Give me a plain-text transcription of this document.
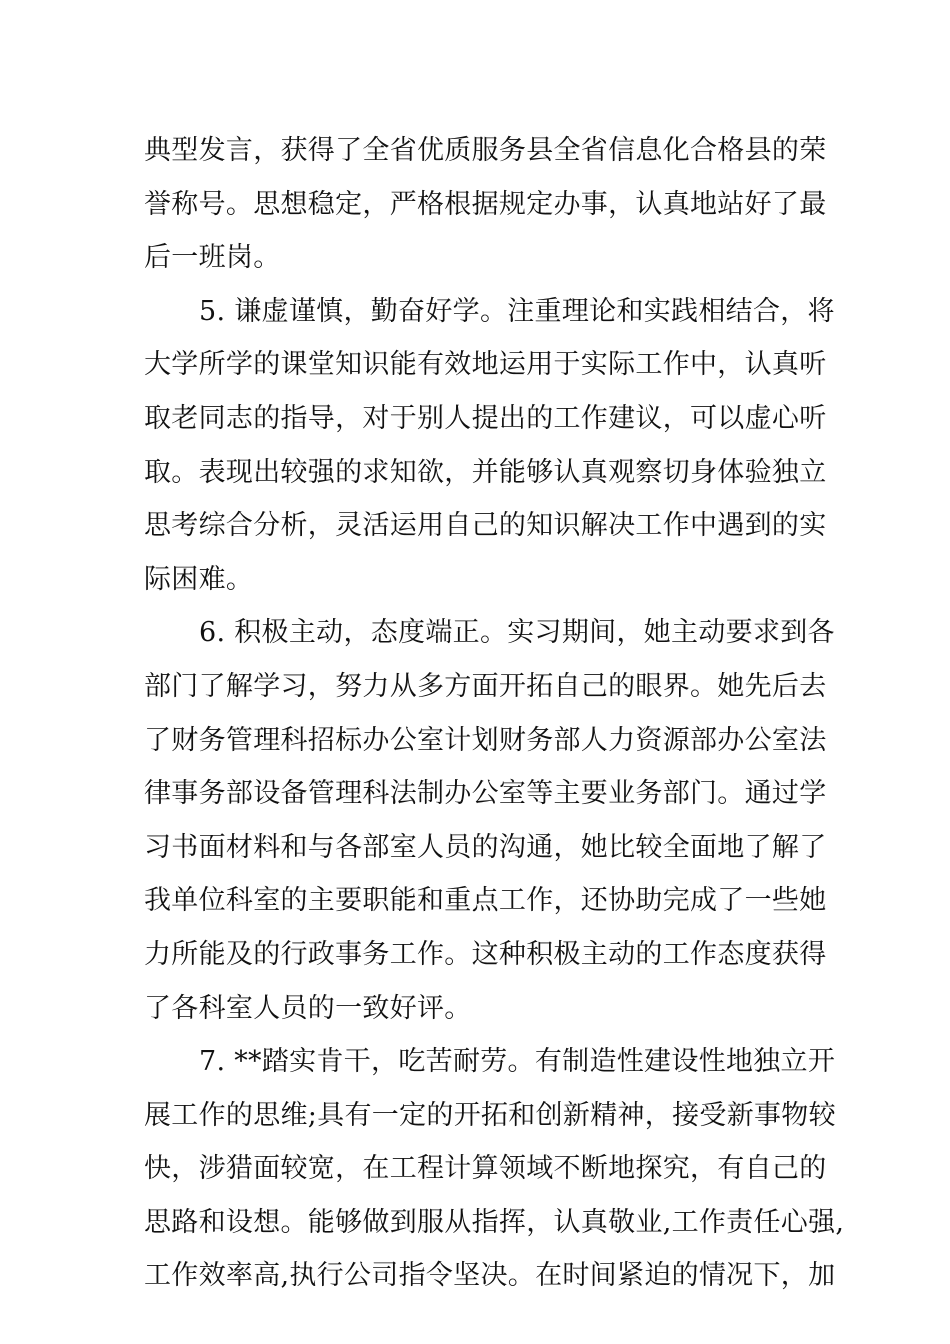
典型发言，获得了全省优质服务县全省信息化合格县的荣
誉称号。思想稳定，严格根据规定办事，认真地站好了最
后一班岗。
5. 谦虚谨慎，勤奋好学。注重理论和实践相结合，将
大学所学的课堂知识能有效地运用于实际工作中，认真听
取老同志的指导，对于别人提出的工作建议，可以虚心听
取。表现出较强的求知欲，并能够认真观察切身体验独立
思考综合分析，灵活运用自己的知识解决工作中遇到的实
际困难。
6. 积极主动，态度端正。实习期间，她主动要求到各
部门了解学习，努力从多方面开拓自己的眼界。她先后去
了财务管理科招标办公室计划财务部人力资源部办公室法
律事务部设备管理科法制办公室等主要业务部门。通过学
习书面材料和与各部室人员的沟通，她比较全面地了解了
我单位科室的主要职能和重点工作，还协助完成了一些她
力所能及的行政事务工作。这种积极主动的工作态度获得
了各科室人员的一致好评。
7. **踏实肯干，吃苦耐劳。有制造性建设性地独立开
展工作的思维;具有一定的开拓和创新精神，接受新事物较
快，涉猎面较宽，在工程计算领域不断地探究，有自己的
思路和设想。能够做到服从指挥，认真敬业,工作责任心强,
工作效率高,执行公司指令坚决。在时间紧迫的情况下，加
